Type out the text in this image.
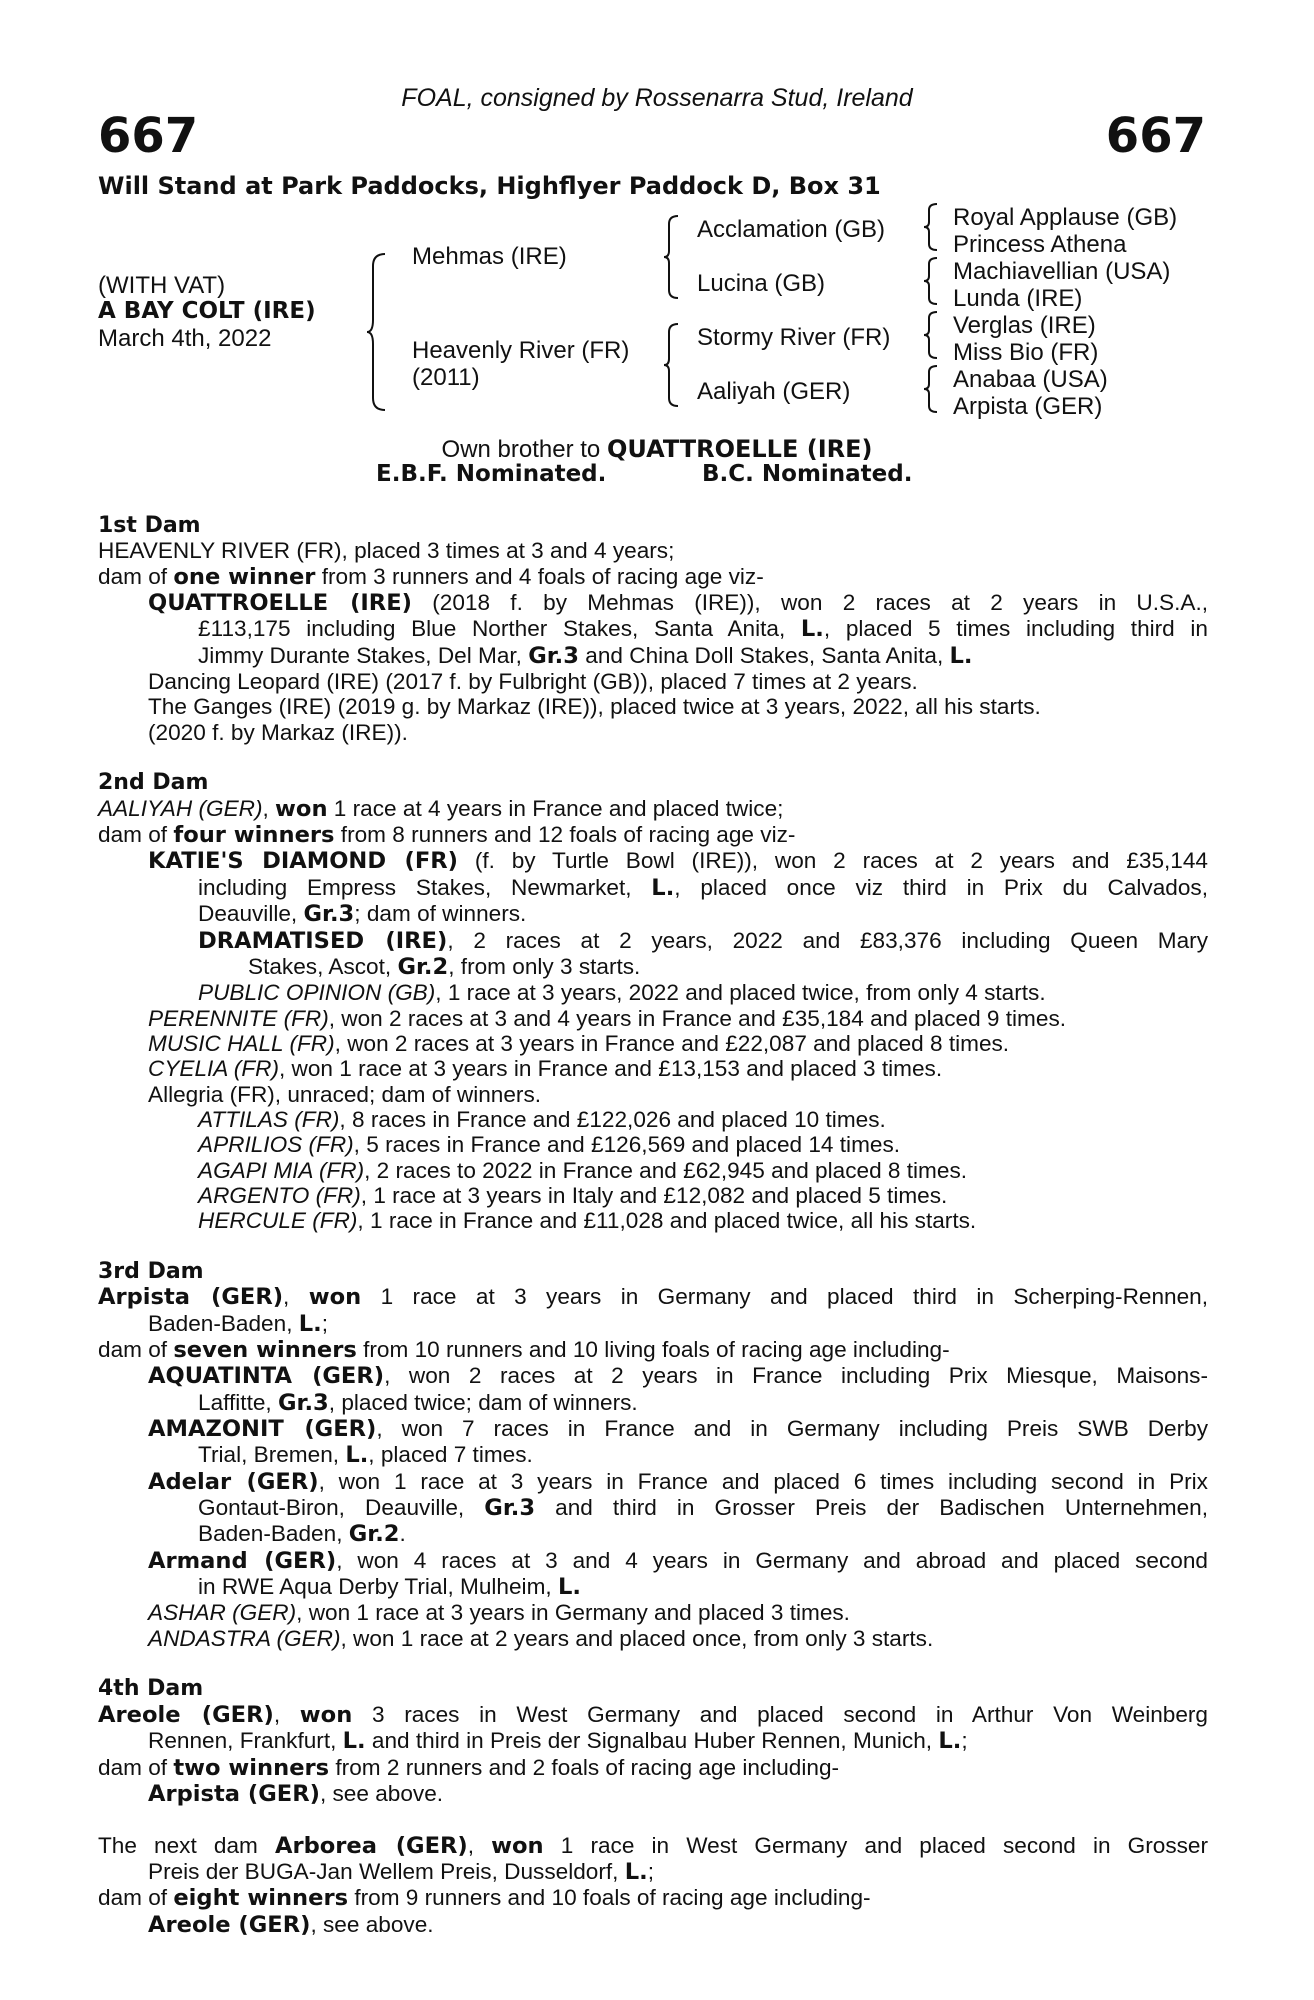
FOAL, consigned by Rossenarra Stud, Ireland
667	667
Will Stand at Park Paddocks, Highflyer Paddock D, Box 31
(WITH VAT)
A BAY COLT (IRE)
March 4th, 2022
Mehmas (IRE)
Heavenly River (FR)
(2011)
Acclamation (GB)
Lucina (GB)
Stormy River (FR)
Aaliyah (GER)
Royal Applause (GB)
Princess Athena
Machiavellian (USA)
Lunda (IRE)
Verglas (IRE)
Miss Bio (FR)
Anabaa (USA)
Arpista (GER)
Own brother to QUATTROELLE (IRE)
E.B.F. Nominated.	B.C. Nominated.

1st Dam

HEAVENLY RIVER (FR), placed 3 times at 3 and 4 years;

dam of one winner from 3 runners and 4 foals of racing age viz-

QUATTROELLE (IRE) (2018 f. by Mehmas (IRE)), won 2 races at 2 years in U.S.A.,

£113,175 including Blue Norther Stakes, Santa Anita, L., placed 5 times including third in

Jimmy Durante Stakes, Del Mar, Gr.3 and China Doll Stakes, Santa Anita, L.

Dancing Leopard (IRE) (2017 f. by Fulbright (GB)), placed 7 times at 2 years.

The Ganges (IRE) (2019 g. by Markaz (IRE)), placed twice at 3 years, 2022, all his starts.

(2020 f. by Markaz (IRE)).

2nd Dam

AALIYAH (GER), won 1 race at 4 years in France and placed twice;

dam of four winners from 8 runners and 12 foals of racing age viz-

KATIE'S DIAMOND (FR) (f. by Turtle Bowl (IRE)), won 2 races at 2 years and £35,144

including Empress Stakes, Newmarket, L., placed once viz third in Prix du Calvados,

Deauville, Gr.3; dam of winners.

DRAMATISED (IRE), 2 races at 2 years, 2022 and £83,376 including Queen Mary

Stakes, Ascot, Gr.2, from only 3 starts.

PUBLIC OPINION (GB), 1 race at 3 years, 2022 and placed twice, from only 4 starts.

PERENNITE (FR), won 2 races at 3 and 4 years in France and £35,184 and placed 9 times.

MUSIC HALL (FR), won 2 races at 3 years in France and £22,087 and placed 8 times.

CYELIA (FR), won 1 race at 3 years in France and £13,153 and placed 3 times.

Allegria (FR), unraced; dam of winners.

ATTILAS (FR), 8 races in France and £122,026 and placed 10 times.

APRILIOS (FR), 5 races in France and £126,569 and placed 14 times.

AGAPI MIA (FR), 2 races to 2022 in France and £62,945 and placed 8 times.

ARGENTO (FR), 1 race at 3 years in Italy and £12,082 and placed 5 times.

HERCULE (FR), 1 race in France and £11,028 and placed twice, all his starts.

3rd Dam

Arpista (GER), won 1 race at 3 years in Germany and placed third in Scherping-Rennen,

Baden-Baden, L.;

dam of seven winners from 10 runners and 10 living foals of racing age including-

AQUATINTA (GER), won 2 races at 2 years in France including Prix Miesque, Maisons-

Laffitte, Gr.3, placed twice; dam of winners.

AMAZONIT (GER), won 7 races in France and in Germany including Preis SWB Derby

Trial, Bremen, L., placed 7 times.

Adelar (GER), won 1 race at 3 years in France and placed 6 times including second in Prix

Gontaut-Biron, Deauville, Gr.3 and third in Grosser Preis der Badischen Unternehmen,

Baden-Baden, Gr.2.

Armand (GER), won 4 races at 3 and 4 years in Germany and abroad and placed second

in RWE Aqua Derby Trial, Mulheim, L.

ASHAR (GER), won 1 race at 3 years in Germany and placed 3 times.

ANDASTRA (GER), won 1 race at 2 years and placed once, from only 3 starts.

4th Dam

Areole (GER), won 3 races in West Germany and placed second in Arthur Von Weinberg

Rennen, Frankfurt, L. and third in Preis der Signalbau Huber Rennen, Munich, L.;

dam of two winners from 2 runners and 2 foals of racing age including-

Arpista (GER), see above.

The next dam Arborea (GER), won 1 race in West Germany and placed second in Grosser

Preis der BUGA-Jan Wellem Preis, Dusseldorf, L.;

dam of eight winners from 9 runners and 10 foals of racing age including-

Areole (GER), see above.
